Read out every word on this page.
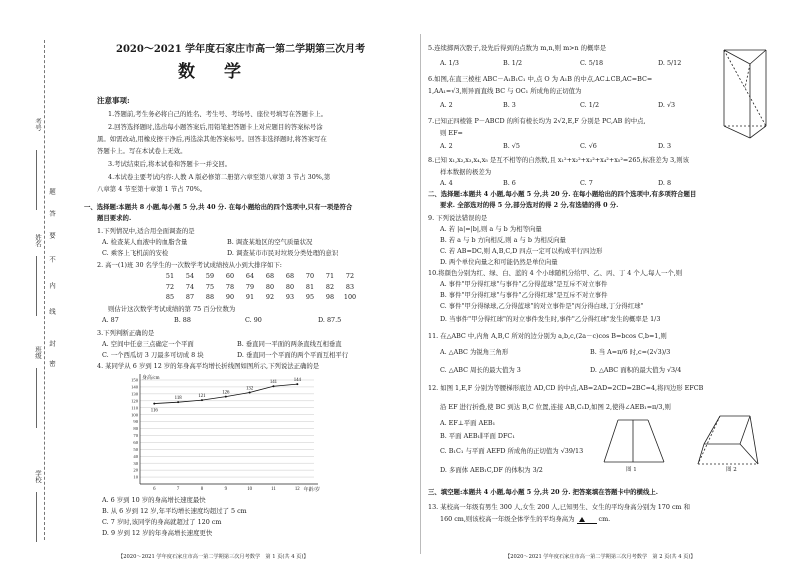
考号
姓名
班级
学校
密
封
线
内
不
要
答
题
2020～2021 学年度石家庄市高一第二学期第三次月考
数　学
注意事项:
1.答题前,考生务必将自己的姓名、考生号、考场号、座位号填写在答题卡上。
2.回答选择题时,选出每小题答案后,用铅笔把答题卡上对应题目的答案标号涂
黑。如需改动,用橡皮擦干净后,再选涂其他答案标号。回答非选择题时,将答案写在
答题卡上。写在本试卷上无效。
3.考试结束后,将本试卷和答题卡一并交回。
4.本试卷主要考试内容:人教 A 版必修第二册第六章至第八章第 3 节占 30%,第
八章第 4 节至第十章第 1 节占 70%。
一、选择题:本题共 8 小题,每小题 5 分,共 40 分. 在每小题给出的四个选项中,只有一项是符合
题目要求的.
1.下列情况中,适合用全面调查的是
A. 检查某人血液中的血脂含量	B. 调查某地区的空气质量状况
C. 乘客上飞机前的安检	D. 调查某市市民对垃圾分类处理的意识
2. 高一(1)班 30 名学生的一次数学考试成绩按从小到大排序如下:
51	54	59	60	64	68	68	70	71	72
72	74	75	78	79	80	80	81	82	83
85	87	88	90	91	92	93	95	98	100
则估计这次数学考试成绩的第 75 百分位数为
A. 87	B. 88	C. 90	D. 87.5
3.下列判断正确的是
A. 空间中任意三点确定一个平面	B. 垂直同一平面的两条直线互相垂直
C. 一个西瓜切 3 刀最多可切成 8 块	D. 垂直同一个平面的两个平面互相平行
4. 某同学从 6 岁到 12 岁的年身高平均增长折线图如图所示,下列说法正确的是
150
140
130
120
110
100
90
80
70
60
50
40
30
20
10
身高/cm
年龄/岁
6	7	8	9	10	11	12
116
118	121
126
132
141	144
A. 6 岁到 10 岁的身高增长速度最快
B. 从 6 岁到 12 岁,年平均增长速度均超过了 5 cm
C. 7 岁时,该同学的身高就超过了 120 cm
D. 9 岁到 12 岁的年身高增长速度更快
【2020～2021 学年度石家庄市高一第二学期第三次月考数学　第 1 页(共 4 页)】
5.连续掷两次骰子,设先后得到的点数为 m,n,则 m>n 的概率是
A. 1/3	B. 1/2	C. 5/18	D. 5/12
6.如图,在直三棱柱 ABC－A₁B₁C₁ 中,点 O 为 A₁B 的中点,AC⊥CB,AC=BC=
1,AA₁=√3,则异面直线 BC 与 OC₁ 所成角的正切值为
A. 2	B. 3	C. 1/2	D. √3
7.已知正四棱锥 P－ABCD 的所有棱长均为 2√2,E,F 分别是 PC,AB 的中点,
则 EF=
A. 2	B. √5	C. √6	D. 3
8.已知 x₁,x₂,x₃,x₄,x₅ 是互不相等的自然数,且 x₁²+x₂²+x₃²+x₄²+x₅²=265,标准差为 3,则该
样本数据的极差为
A. 4	B. 6	C. 7	D. 8
二、选择题:本题共 4 小题,每小题 5 分,共 20 分. 在每小题给出的四个选项中,有多项符合题目
要求. 全部选对的得 5 分,部分选对的得 2 分,有选错的得 0 分.
9. 下列说法错误的是
A. 若 |a|=|b|,则 a 与 b 为相等向量
B. 若 a 与 b 方向相反,则 a 与 b 为相反向量
C. 若 AB=DC,则 A,B,C,D 四点一定可以构成平行四边形
D. 两个单位向量之和可能仍然是单位向量
10.将颜色分别为红、绿、白、蓝的 4 个小球随机分给甲、乙、丙、丁 4 个人,每人一个,则
A. 事件"甲分得红球"与事件"乙分得蓝球"是互斥不对立事件
B. 事件"甲分得红球"与事件"乙分得红球"是互斥不对立事件
C. 事件"甲分得绿球,乙分得蓝球"的对立事件是"丙分得白球,丁分得红球"
D. 当事件"甲分得红球"的对立事件发生时,事件"乙分得红球"发生的概率是 1/3
11. 在△ABC 中,内角 A,B,C 所对的边分别为 a,b,c,(2a－c)cos B=bcos C,b=1,则
A. △ABC 为锐角三角形	B. 当 A=π/6 时,c=(2√3)/3
C. △ABC 周长的最大值为 3	D. △ABC 面积的最大值为 √3/4
12. 如图 1,E,F 分别为等腰梯形底边 AD,CD 的中点,AB=2AD=2CD=2BC=4,将四边形 EFCB
沿 EF 进行折叠,使 BC 到达 B,C 位置,连接 AB,C₁D,如图 2,使得∠AEB₁=π/3,则
A. EF⊥平面 AEB₁
B. 平面 AEB₁∥平面 DFC₁
C. B₁C₁ 与平面 AEFD 所成角的正切值为 √39/13
D. 多面体 AEB₁C,DF 的体积为 3/2	图 1	图 2
三、填空题:本题共 4 小题,每小题 5 分,共 20 分. 把答案填在答题卡中的横线上.
13. 某校高一年级有男生 300 人,女生 200 人,已知男生、女生的平均身高分别为 170 cm 和
160 cm,则该校高一年级全体学生的平均身高为	cm.
【2020～2021 学年度石家庄市高一第二学期第三次月考数学　第 2 页(共 4 页)】
